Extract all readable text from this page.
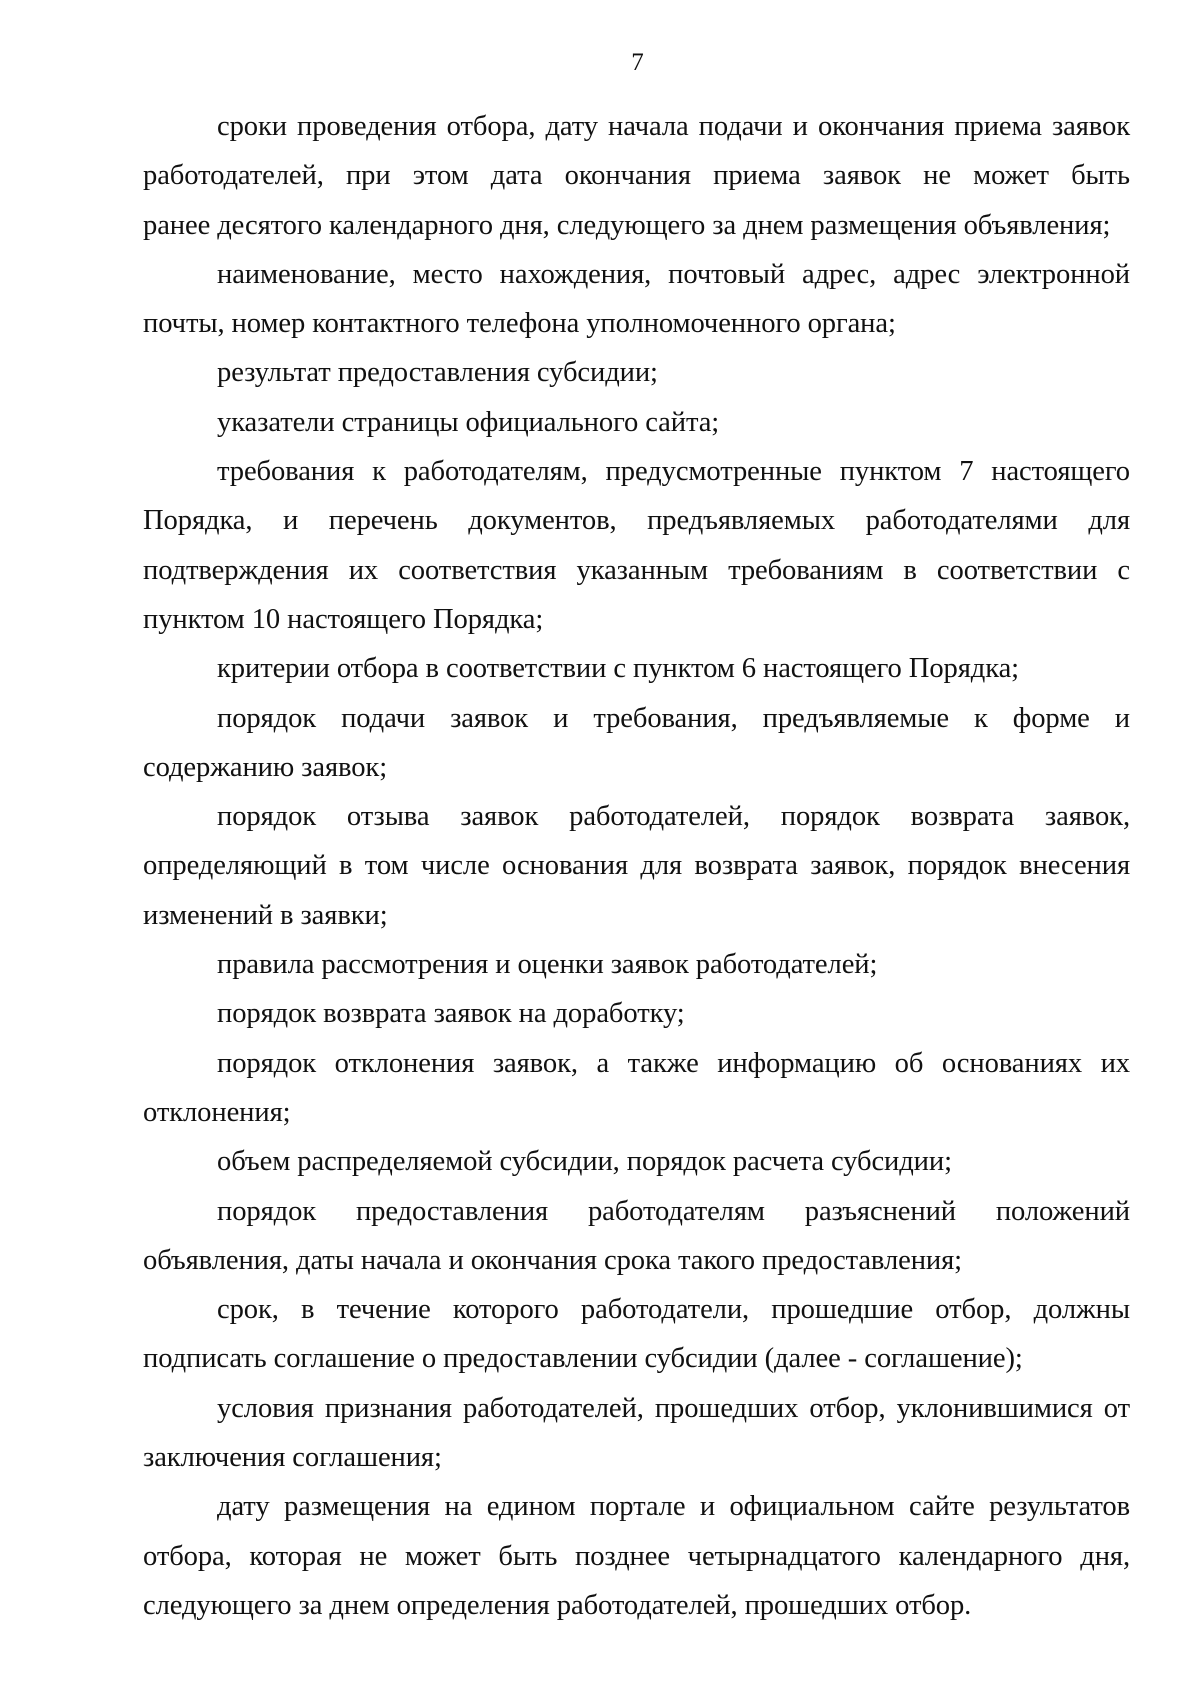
7
сроки проведения отбора, дату начала подачи и окончания приема заявок
работодателей, при этом дата окончания приема заявок не может быть
ранее десятого календарного дня, следующего за днем размещения объявления;
наименование, место нахождения, почтовый адрес, адрес электронной
почты, номер контактного телефона уполномоченного органа;
результат предоставления субсидии;
указатели страницы официального сайта;
требования к работодателям, предусмотренные пунктом 7 настоящего
Порядка, и перечень документов, предъявляемых работодателями для
подтверждения их соответствия указанным требованиям в соответствии с
пунктом 10 настоящего Порядка;
критерии отбора в соответствии с пунктом 6 настоящего Порядка;
порядок подачи заявок и требования, предъявляемые к форме и
содержанию заявок;
порядок отзыва заявок работодателей, порядок возврата заявок,
определяющий в том числе основания для возврата заявок, порядок внесения
изменений в заявки;
правила рассмотрения и оценки заявок работодателей;
порядок возврата заявок на доработку;
порядок отклонения заявок, а также информацию об основаниях их
отклонения;
объем распределяемой субсидии, порядок расчета субсидии;
порядок предоставления работодателям разъяснений положений
объявления, даты начала и окончания срока такого предоставления;
срок, в течение которого работодатели, прошедшие отбор, должны
подписать соглашение о предоставлении субсидии (далее - соглашение);
условия признания работодателей, прошедших отбор, уклонившимися от
заключения соглашения;
дату размещения на едином портале и официальном сайте результатов
отбора, которая не может быть позднее четырнадцатого календарного дня,
следующего за днем определения работодателей, прошедших отбор.
